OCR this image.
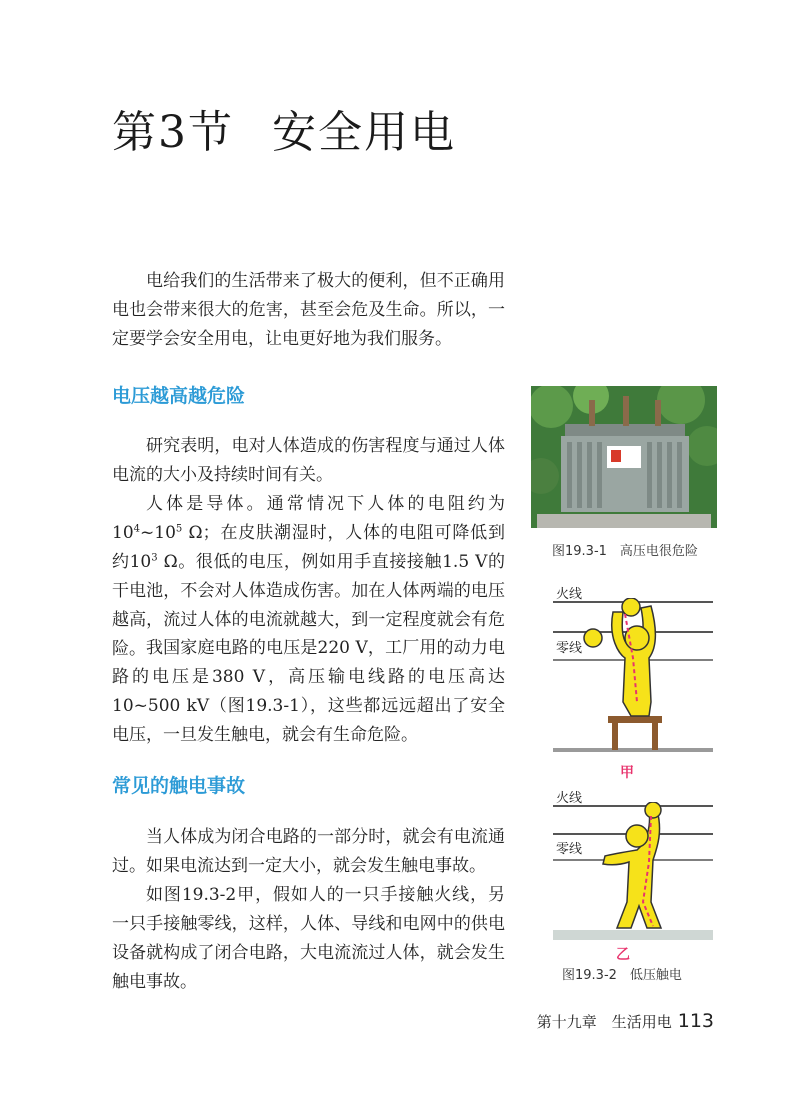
第3节 安全用电

电给我们的生活带来了极大的便利，但不正确用电也会带来很大的危害，甚至会危及生命。所以，一定要学会安全用电，让电更好地为我们服务。

电压越高越危险

研究表明，电对人体造成的伤害程度与通过人体电流的大小及持续时间有关。

人体是导体。通常情况下人体的电阻约为$10^4\sim 10^5$ Ω；在皮肤潮湿时，人体的电阻可降低到约$10^3$ Ω。很低的电压，例如用手直接接触1.5 V的干电池，不会对人体造成伤害。加在人体两端的电压越高，流过人体的电流就越大，到一定程度就会有危险。 我国家庭电路的电压是220 V，工厂用的动力电路的电压是380 V，高压输电线路的电压高达10~500 kV（图19.3-1），这些都远远超出了安全电压，一旦发生触电，就会有生命危险。

常见的触电事故

当人体成为闭合电路的一部分时，就会有电流通过。如果电流达到一定大小，就会发生触电事故。

如图19.3-2甲，假如人的一只手接触火线，另一只手接触零线，这样，人体、导线和电网中的供电设备就构成了闭合电路，大电流流过人体，就会发生触电事故。

图19.3-1　高压电很危险
火线
零线
甲
火线
零线
乙
图19.3-2　低压触电
第十九章　生活用电 113
